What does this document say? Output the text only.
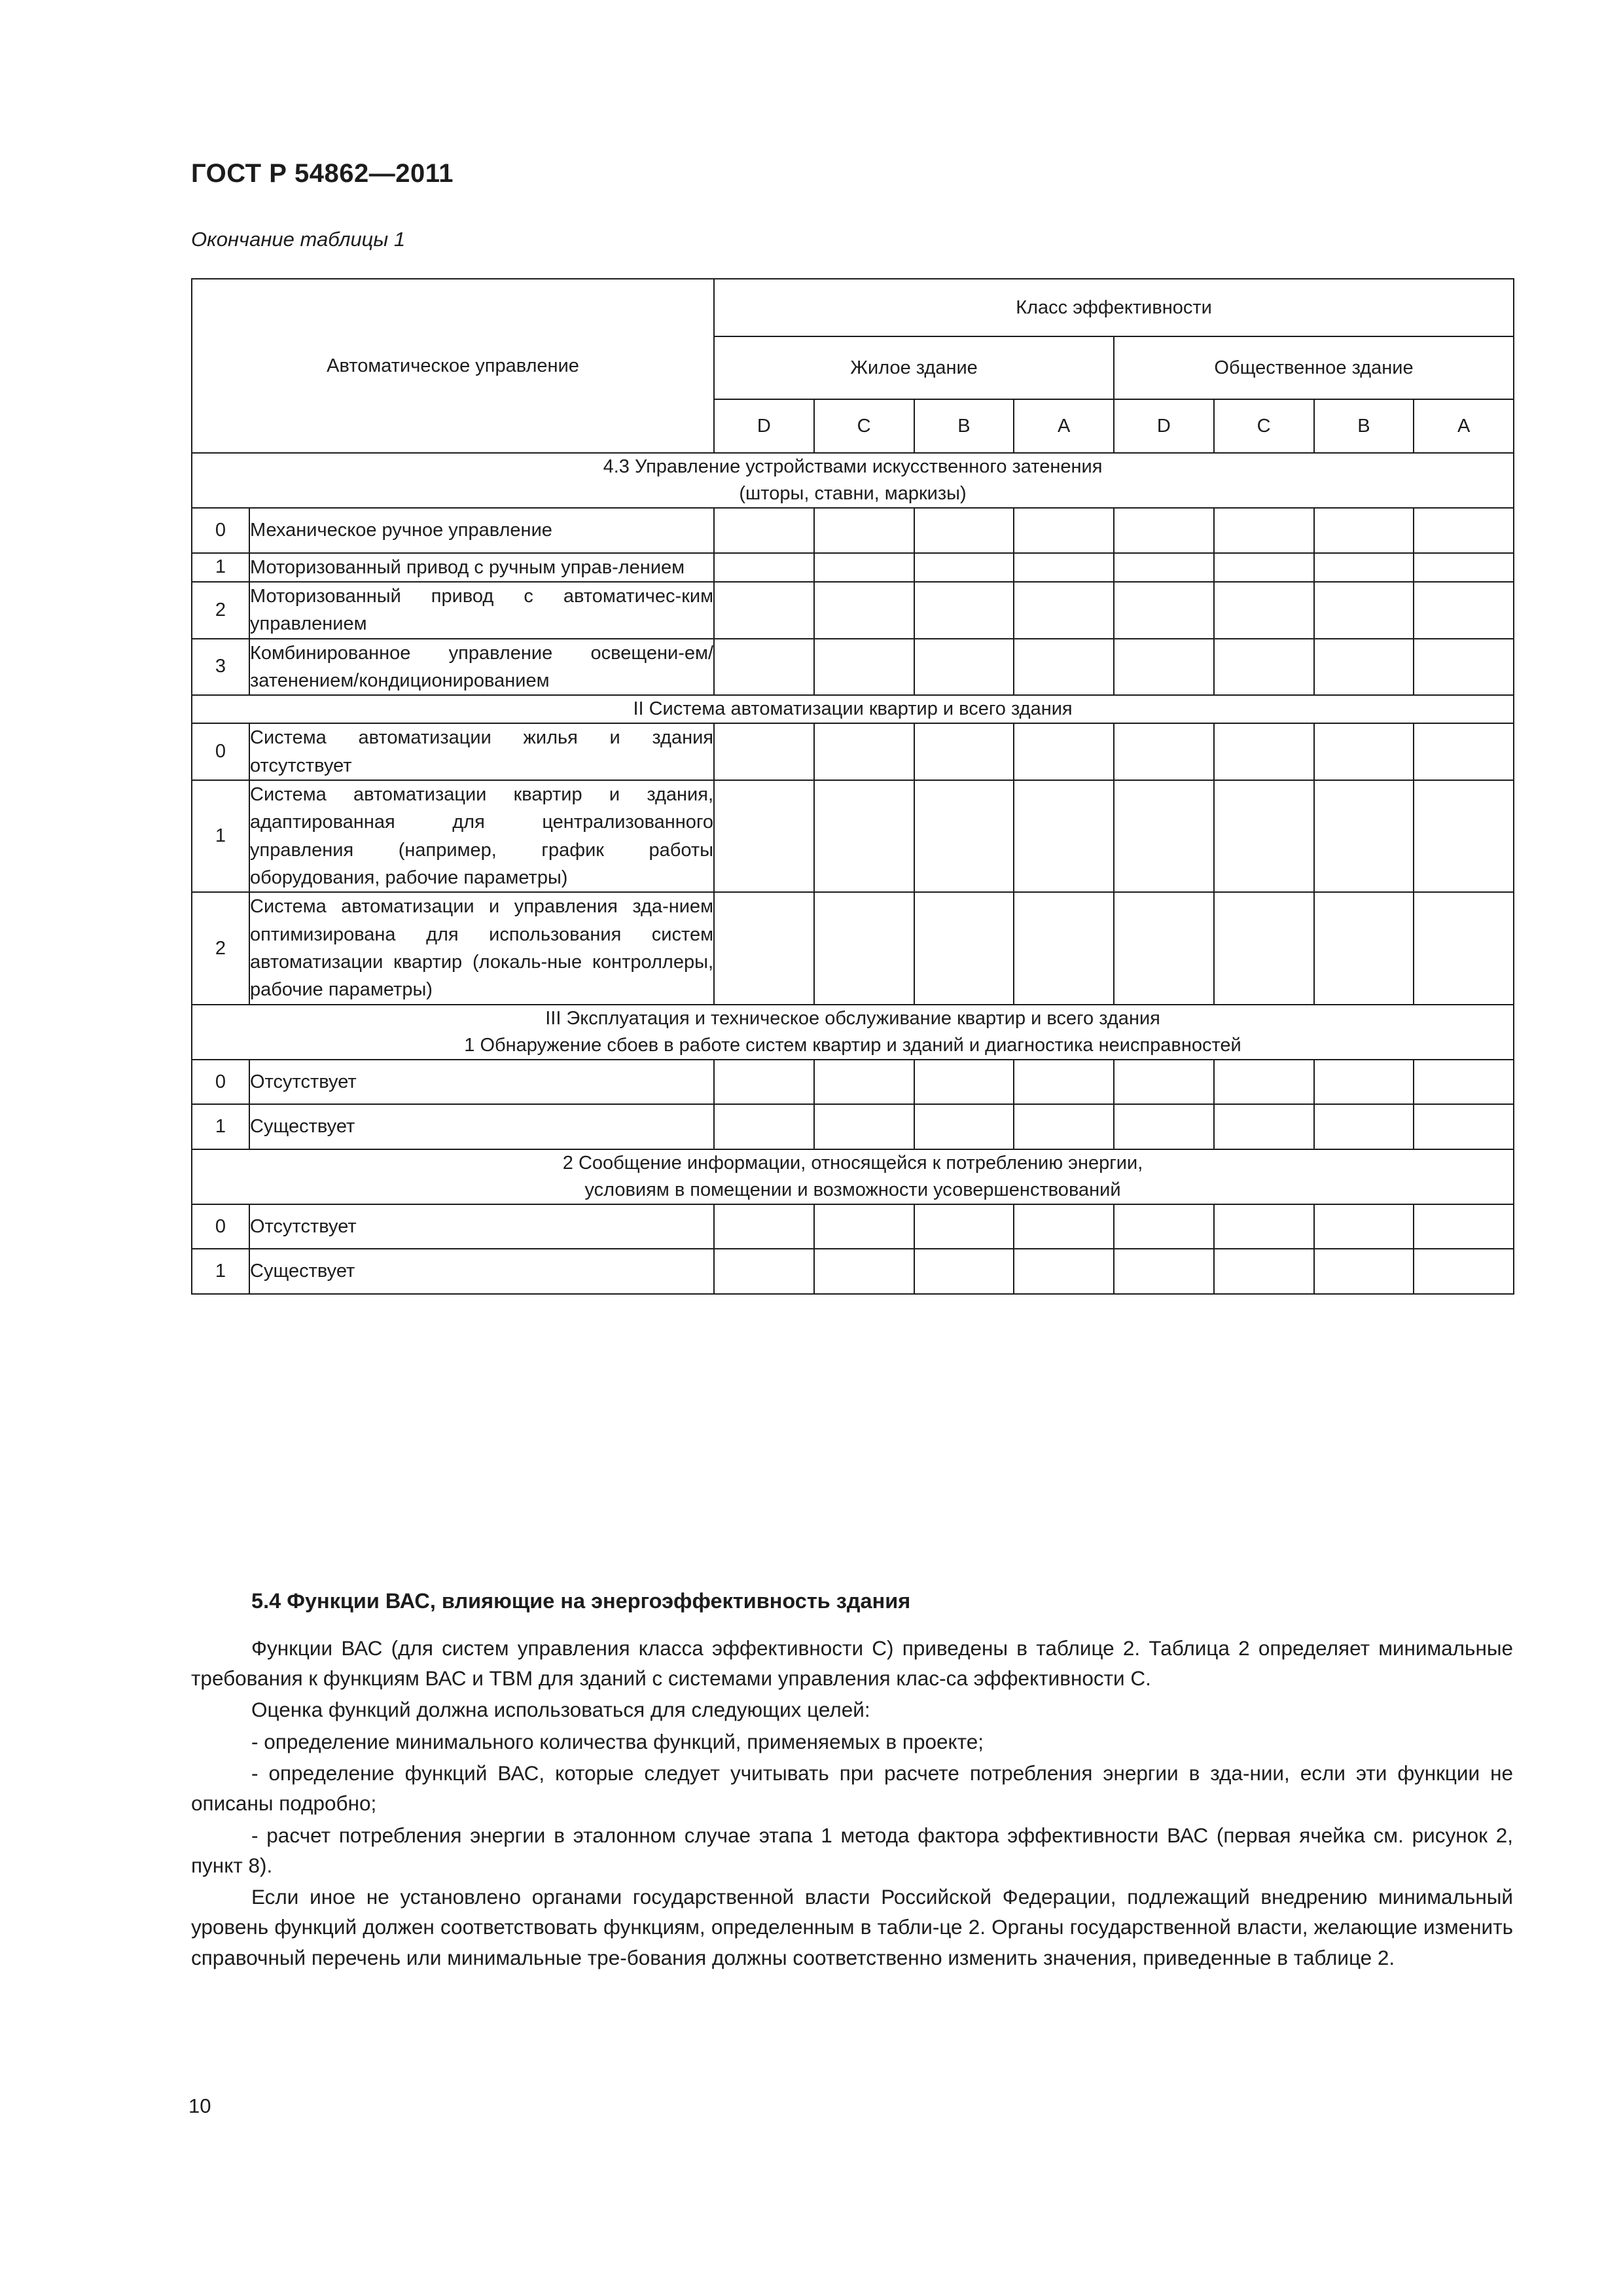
ГОСТ Р 54862—2011
Окончание таблицы 1
Автоматическое управление		Класс эффективности							
		Жилое здание				Общественное здание			
		D	C	B	A	D	C	B	A

4.3 Управление устройствами искусственного затенения
(шторы, ставни, маркизы)									

0	Механическое ручное управление								
1	Моторизованный привод с ручным управ-лением								
2	Моторизованный привод с автоматичес-ким управлением								
3	Комбинированное управление освещени-ем/затенением/кондиционированием								

II Система автоматизации квартир и всего здания									

0	Система автоматизации жилья и здания отсутствует								
1	Система автоматизации квартир и здания, адаптированная для централизованного управления (например, график работы оборудования, рабочие параметры)								
2	Система автоматизации и управления зда-нием оптимизирована для использования систем автоматизации квартир (локаль-ные контроллеры, рабочие параметры)								

III Эксплуатация и техническое обслуживание квартир и всего здания
1 Обнаружение сбоев в работе систем квартир и зданий и диагностика неисправностей									

0	Отсутствует								
1	Существует								

2 Сообщение информации, относящейся к потреблению энергии,
условиям в помещении и возможности усовершенствований									

0	Отсутствует								
1	Существует								
5.4 Функции ВАС, влияющие на энергоэффективность здания

Функции ВАС (для систем управления класса эффективности С) приведены в таблице 2. Таблица 2 определяет минимальные требования к функциям ВАС и ТВМ для зданий с системами управления клас-са эффективности С.

Оценка функций должна использоваться для следующих целей:

- определение минимального количества функций, применяемых в проекте;

- определение функций ВАС, которые следует учитывать при расчете потребления энергии в зда-нии, если эти функции не описаны подробно;

- расчет потребления энергии в эталонном случае этапа 1 метода фактора эффективности ВАС (первая ячейка см. рисунок 2, пункт 8).

Если иное не установлено органами государственной власти Российской Федерации, подлежащий внедрению минимальный уровень функций должен соответствовать функциям, определенным в табли-це 2. Органы государственной власти, желающие изменить справочный перечень или минимальные тре-бования должны соответственно изменить значения, приведенные в таблице 2.

10
